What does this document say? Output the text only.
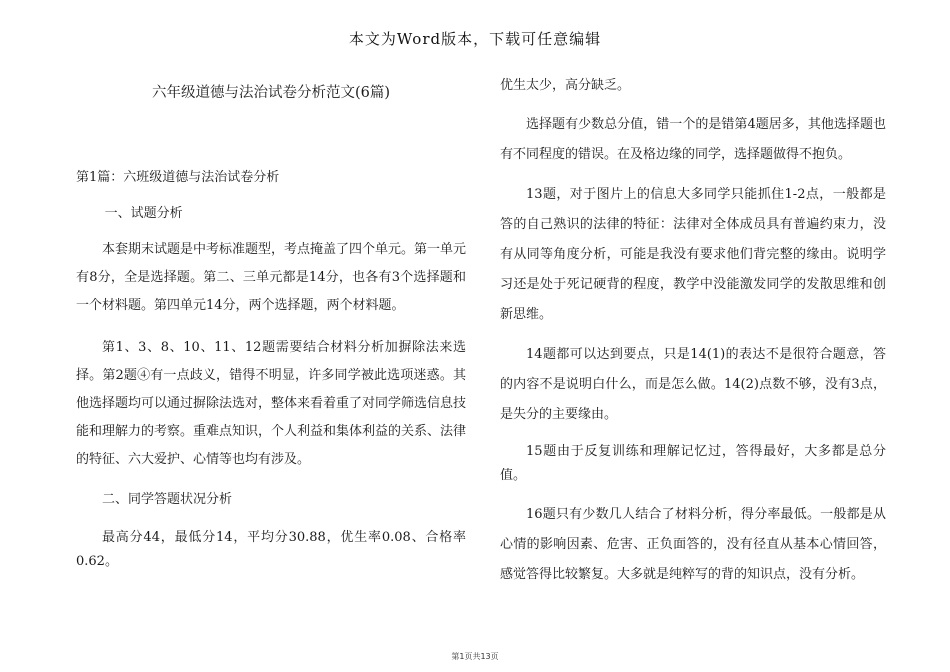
本文为Word版本，下载可任意编辑
六年级道德与法治试卷分析范文(6篇)
第1篇：六班级道德与法治试卷分析
一、试题分析
本套期末试题是中考标准题型，考点掩盖了四个单元。第一单元有8分，全是选择题。第二、三单元都是14分，也各有3个选择题和一个材料题。第四单元14分，两个选择题，两个材料题。
第1、3、8、10、11、12题需要结合材料分析加摒除法来选择。第2题④有一点歧义，错得不明显，许多同学被此选项迷惑。其他选择题均可以通过摒除法选对，整体来看着重了对同学筛选信息技能和理解力的考察。重难点知识，个人利益和集体利益的关系、法律的特征、六大爱护、心情等也均有涉及。
二、同学答题状况分析
最高分44，最低分14，平均分30.88，优生率0.08、合格率0.62。
优生太少，高分缺乏。
选择题有少数总分值，错一个的是错第4题居多，其他选择题也有不同程度的错误。在及格边缘的同学，选择题做得不抱负。
13题，对于图片上的信息大多同学只能抓住1-2点，一般都是答的自己熟识的法律的特征：法律对全体成员具有普遍约束力，没有从同等角度分析，可能是我没有要求他们背完整的缘由。说明学习还是处于死记硬背的程度，教学中没能激发同学的发散思维和创新思维。
14题都可以达到要点，只是14(1)的表达不是很符合题意，答的内容不是说明白什么，而是怎么做。14(2)点数不够，没有3点，是失分的主要缘由。
15题由于反复训练和理解记忆过，答得最好，大多都是总分值。
16题只有少数几人结合了材料分析，得分率最低。一般都是从心情的影响因素、危害、正负面答的，没有径直从基本心情回答，感觉答得比较繁复。大多就是纯粹写的背的知识点，没有分析。
第1页共13页
